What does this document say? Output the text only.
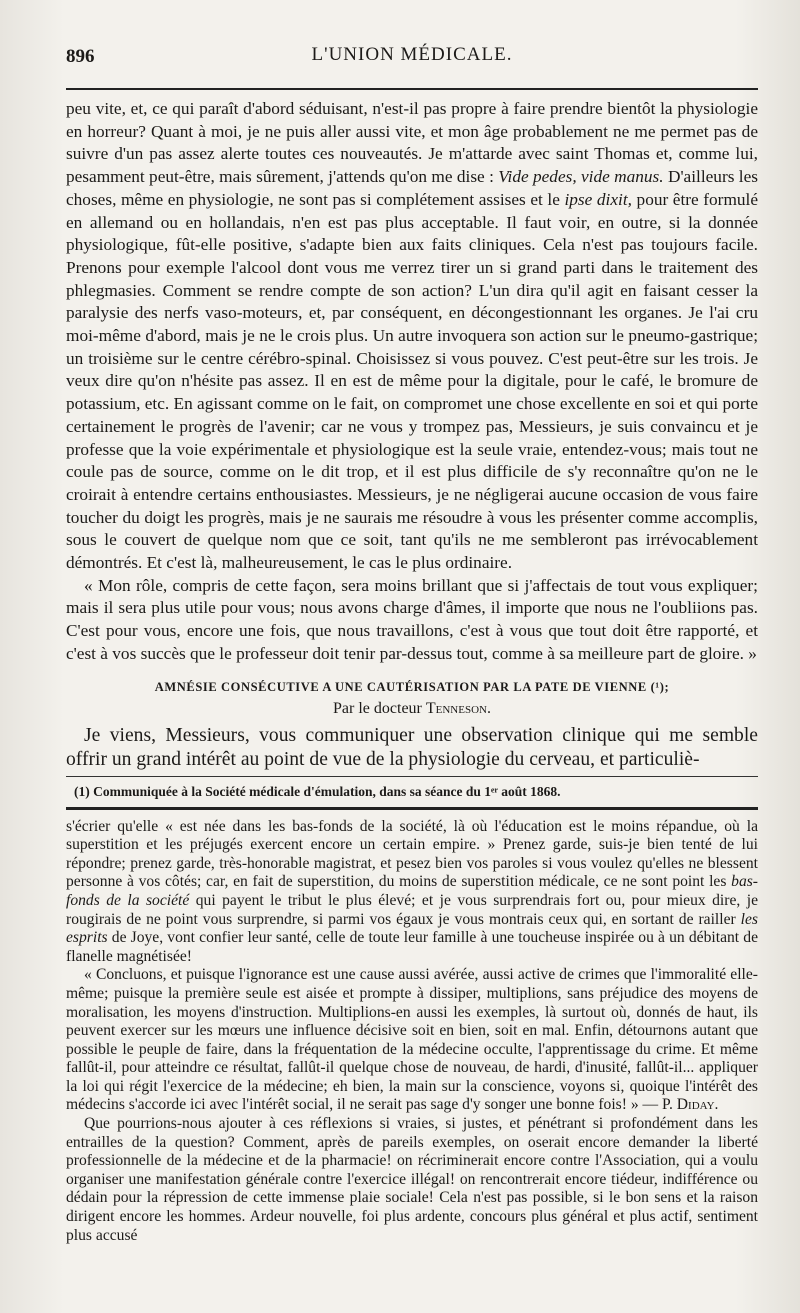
896	L'UNION MÉDICALE.

peu vite, et, ce qui paraît d'abord séduisant, n'est-il pas propre à faire prendre bientôt la physiologie en horreur? Quant à moi, je ne puis aller aussi vite, et mon âge probablement ne me permet pas de suivre d'un pas assez alerte toutes ces nouveautés. Je m'attarde avec saint Thomas et, comme lui, pesamment peut-être, mais sûrement, j'attends qu'on me dise : Vide pedes, vide manus. D'ailleurs les choses, même en physiologie, ne sont pas si complétement assises et le ipse dixit, pour être formulé en allemand ou en hollandais, n'en est pas plus acceptable. Il faut voir, en outre, si la donnée physiologique, fût-elle positive, s'adapte bien aux faits cliniques. Cela n'est pas toujours facile. Prenons pour exemple l'alcool dont vous me verrez tirer un si grand parti dans le traitement des phlegmasies. Comment se rendre compte de son action? L'un dira qu'il agit en faisant cesser la paralysie des nerfs vaso-moteurs, et, par conséquent, en décongestionnant les organes. Je l'ai cru moi-même d'abord, mais je ne le crois plus. Un autre invoquera son action sur le pneumo-gastrique; un troisième sur le centre cérébro-spinal. Choisissez si vous pouvez. C'est peut-être sur les trois. Je veux dire qu'on n'hésite pas assez. Il en est de même pour la digitale, pour le café, le bromure de potassium, etc. En agissant comme on le fait, on compromet une chose excellente en soi et qui porte certainement le progrès de l'avenir; car ne vous y trompez pas, Messieurs, je suis convaincu et je professe que la voie expérimentale et physiologique est la seule vraie, entendez-vous; mais tout ne coule pas de source, comme on le dit trop, et il est plus difficile de s'y reconnaître qu'on ne le croirait à entendre certains enthousiastes. Messieurs, je ne négligerai aucune occasion de vous faire toucher du doigt les progrès, mais je ne saurais me résoudre à vous les présenter comme accomplis, sous le couvert de quelque nom que ce soit, tant qu'ils ne me sembleront pas irrévocablement démontrés. Et c'est là, malheureusement, le cas le plus ordinaire.

« Mon rôle, compris de cette façon, sera moins brillant que si j'affectais de tout vous expliquer; mais il sera plus utile pour vous; nous avons charge d'âmes, il importe que nous ne l'oubliions pas. C'est pour vous, encore une fois, que nous travaillons, c'est à vous que tout doit être rapporté, et c'est à vos succès que le professeur doit tenir par-dessus tout, comme à sa meilleure part de gloire. »

AMNÉSIE CONSÉCUTIVE A UNE CAUTÉRISATION PAR LA PATE DE VIENNE (¹);
Par le docteur Tenneson.

Je viens, Messieurs, vous communiquer une observation clinique qui me semble offrir un grand intérêt au point de vue de la physiologie du cerveau, et particuliè-

(1) Communiquée à la Société médicale d'émulation, dans sa séance du 1ᵉʳ août 1868.

s'écrier qu'elle « est née dans les bas-fonds de la société, là où l'éducation est le moins répandue, où la superstition et les préjugés exercent encore un certain empire. » Prenez garde, suis-je bien tenté de lui répondre; prenez garde, très-honorable magistrat, et pesez bien vos paroles si vous voulez qu'elles ne blessent personne à vos côtés; car, en fait de superstition, du moins de superstition médicale, ce ne sont point les bas-fonds de la société qui payent le tribut le plus élevé; et je vous surprendrais fort ou, pour mieux dire, je rougirais de ne point vous surprendre, si parmi vos égaux je vous montrais ceux qui, en sortant de railler les esprits de Joye, vont confier leur santé, celle de toute leur famille à une toucheuse inspirée ou à un débitant de flanelle magnétisée!

« Concluons, et puisque l'ignorance est une cause aussi avérée, aussi active de crimes que l'immoralité elle-même; puisque la première seule est aisée et prompte à dissiper, multiplions, sans préjudice des moyens de moralisation, les moyens d'instruction. Multiplions-en aussi les exemples, là surtout où, donnés de haut, ils peuvent exercer sur les mœurs une influence décisive soit en bien, soit en mal. Enfin, détournons autant que possible le peuple de faire, dans la fréquentation de la médecine occulte, l'apprentissage du crime. Et même fallût-il, pour atteindre ce résultat, fallût-il quelque chose de nouveau, de hardi, d'inusité, fallût-il... appliquer la loi qui régit l'exercice de la médecine; eh bien, la main sur la conscience, voyons si, quoique l'intérêt des médecins s'accorde ici avec l'intérêt social, il ne serait pas sage d'y songer une bonne fois! » — P. Diday.

Que pourrions-nous ajouter à ces réflexions si vraies, si justes, et pénétrant si profondément dans les entrailles de la question? Comment, après de pareils exemples, on oserait encore demander la liberté professionnelle de la médecine et de la pharmacie! on récriminerait encore contre l'Association, qui a voulu organiser une manifestation générale contre l'exercice illégal! on rencontrerait encore tiédeur, indifférence ou dédain pour la répression de cette immense plaie sociale! Cela n'est pas possible, si le bon sens et la raison dirigent encore les hommes. Ardeur nouvelle, foi plus ardente, concours plus général et plus actif, sentiment plus accusé
